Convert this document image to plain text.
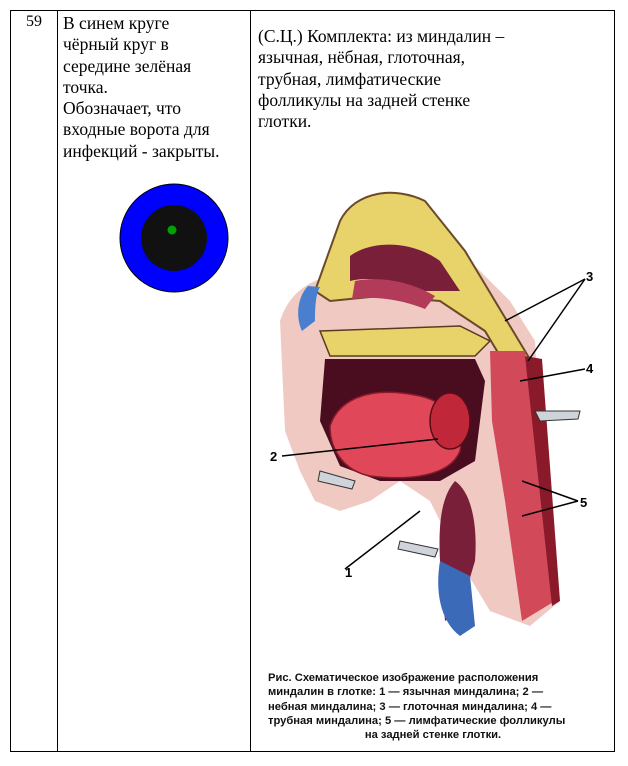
59	В синем круге
чёрный круг в
середине зелёная
точка.

Обозначает, что
входные ворота для
инфекций - закрыты.

(С.Ц.) Комплекта: из миндалин –
язычная, нёбная, глоточная,
трубная, лимфатические
фолликулы на задней стенке
глотки.

1
2
3
4
5

Рис. Схематическое изображение расположения

миндалин в глотке: 1 — язычная миндалина; 2 —

небная миндалина; 3 — глоточная миндалина; 4 —

трубная миндалина; 5 — лимфатические фолликулы

на задней стенке глотки.
